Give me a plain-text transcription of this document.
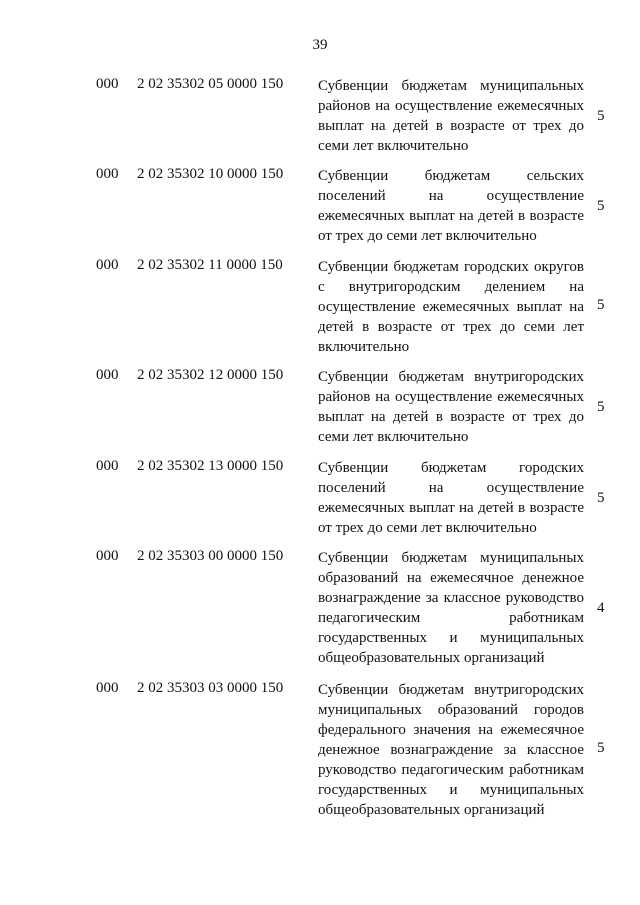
39
000 2 02 35302 05 0000 150 Субвенции бюджетам муниципальных
районов на осуществление ежемесячных
выплат на детей в возрасте от трех до
семи лет включительно
5
000 2 02 35302 10 0000 150 Субвенции бюджетам сельских
поселений на осуществление
ежемесячных выплат на детей в возрасте
от трех до семи лет включительно
5
000 2 02 35302 11 0000 150 Субвенции бюджетам городских округов
с внутригородским делением на
осуществление ежемесячных выплат на
детей в возрасте от трех до семи лет
включительно
5
000 2 02 35302 12 0000 150 Субвенции бюджетам внутригородских
районов на осуществление ежемесячных
выплат на детей в возрасте от трех до
семи лет включительно
5
000 2 02 35302 13 0000 150 Субвенции бюджетам городских
поселений на осуществление
ежемесячных выплат на детей в возрасте
от трех до семи лет включительно
5
000 2 02 35303 00 0000 150 Субвенции бюджетам муниципальных
образований на ежемесячное денежное
вознаграждение за классное руководство
педагогическим работникам
государственных и муниципальных
общеобразовательных организаций
4
000 2 02 35303 03 0000 150 Субвенции бюджетам внутригородских
муниципальных образований городов
федерального значения на ежемесячное
денежное вознаграждение за классное
руководство педагогическим работникам
государственных и муниципальных
общеобразовательных организаций
5
